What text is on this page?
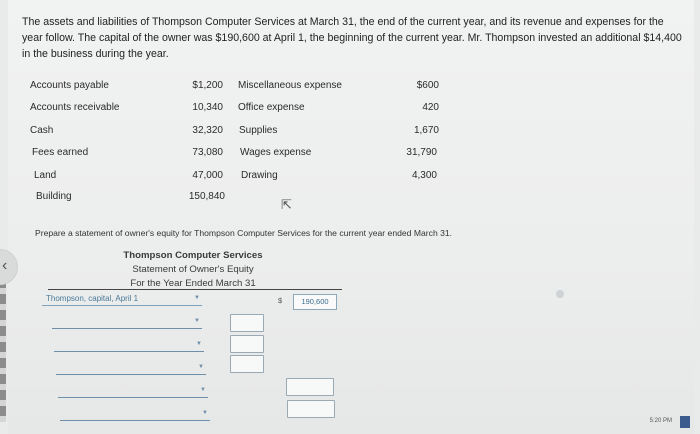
The assets and liabilities of Thompson Computer Services at March 31, the end of the current year, and its revenue and expenses for the year follow. The capital of the owner was $190,600 at April 1, the beginning of the current year. Mr. Thompson invested an additional $14,400 in the business during the year.
Accounts payable	$1,200
Accounts receivable	10,340
Cash	32,320
Fees earned	73,080
Land	47,000
Building	150,840
Miscellaneous expense	$600
Office expense	420
Supplies	1,670
Wages expense	31,790
Drawing	4,300
⇱
Prepare a statement of owner's equity for Thompson Computer Services for the current year ended March 31.
Thompson Computer Services
Statement of Owner's Equity
For the Year Ended March 31
Thompson, capital, April 1	▼	$	190,600
▼
▼
▼
▼
▼
5:20 PM
‹
